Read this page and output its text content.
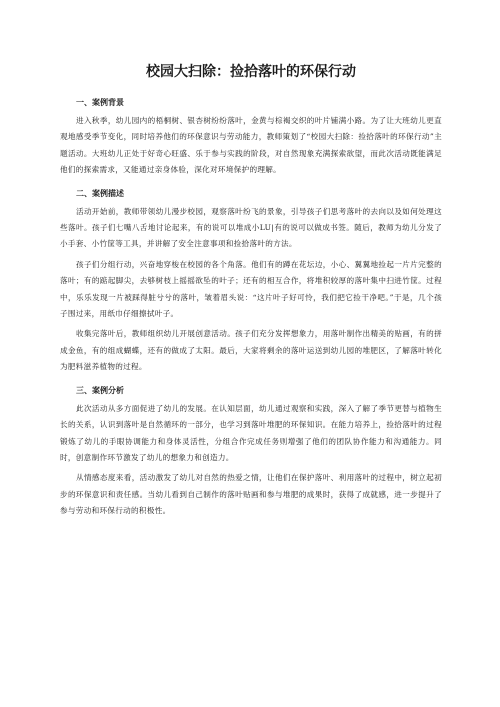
校园大扫除：捡拾落叶的环保行动
一、案例背景

进入秋季，幼儿园内的梧桐树、银杏树纷纷落叶，金黄与棕褐交织的叶片铺满小路。为了让大班幼儿更直观地感受季节变化，同时培养他们的环保意识与劳动能力，教师策划了“校园大扫除：捡拾落叶的环保行动”主题活动。大班幼儿正处于好奇心旺盛、乐于参与实践的阶段，对自然现象充满探索欲望，而此次活动既能满足他们的探索需求，又能通过亲身体验，深化对环境保护的理解。

二、案例描述

活动开始前，教师带领幼儿漫步校园，观察落叶纷飞的景象，引导孩子们思考落叶的去向以及如何处理这些落叶。孩子们七嘴八舌地讨论起来，有的说可以堆成小LU|有的说可以做成书签。随后，教师为幼儿分发了小手套、小竹筐等工具，并讲解了安全注意事项和捡拾落叶的方法。

孩子们分组行动，兴奋地穿梭在校园的各个角落。他们有的蹲在花坛边，小心、翼翼地捡起一片片完整的落叶；有的踮起脚尖，去够树枝上摇摇欲坠的叶子；还有的相互合作，将堆积较厚的落叶集中扫进竹筐。过程中，乐乐发现一片被踩得脏兮兮的落叶，皱着眉头说：“这片叶子好可怜，我们把它捡干净吧。”于是，几个孩子围过来，用纸巾仔细擦拭叶子。

收集完落叶后，教师组织幼儿开展创意活动。孩子们充分发挥想象力，用落叶制作出精美的贴画，有的拼成金鱼，有的组成蝴蝶，还有的做成了太阳。最后，大家将剩余的落叶运送到幼儿园的堆肥区，了解落叶转化为肥料滋养植物的过程。

三、案例分析

此次活动从多方面促进了幼儿的发展。在认知层面，幼儿通过观察和实践，深入了解了季节更替与植物生长的关系，认识到落叶是自然循环的一部分，也学习到落叶堆肥的环保知识。在能力培养上，捡拾落叶的过程锻炼了幼儿的手眼协调能力和身体灵活性，分组合作完成任务则增强了他们的团队协作能力和沟通能力。同时，创意制作环节激发了幼儿的想象力和创造力。

从情感态度来看，活动激发了幼儿对自然的热爱之情，让他们在保护落叶、利用落叶的过程中，树立起初步的环保意识和责任感。当幼儿看到自己制作的落叶贴画和参与堆肥的成果时，获得了成就感，进一步提升了参与劳动和环保行动的积极性。
